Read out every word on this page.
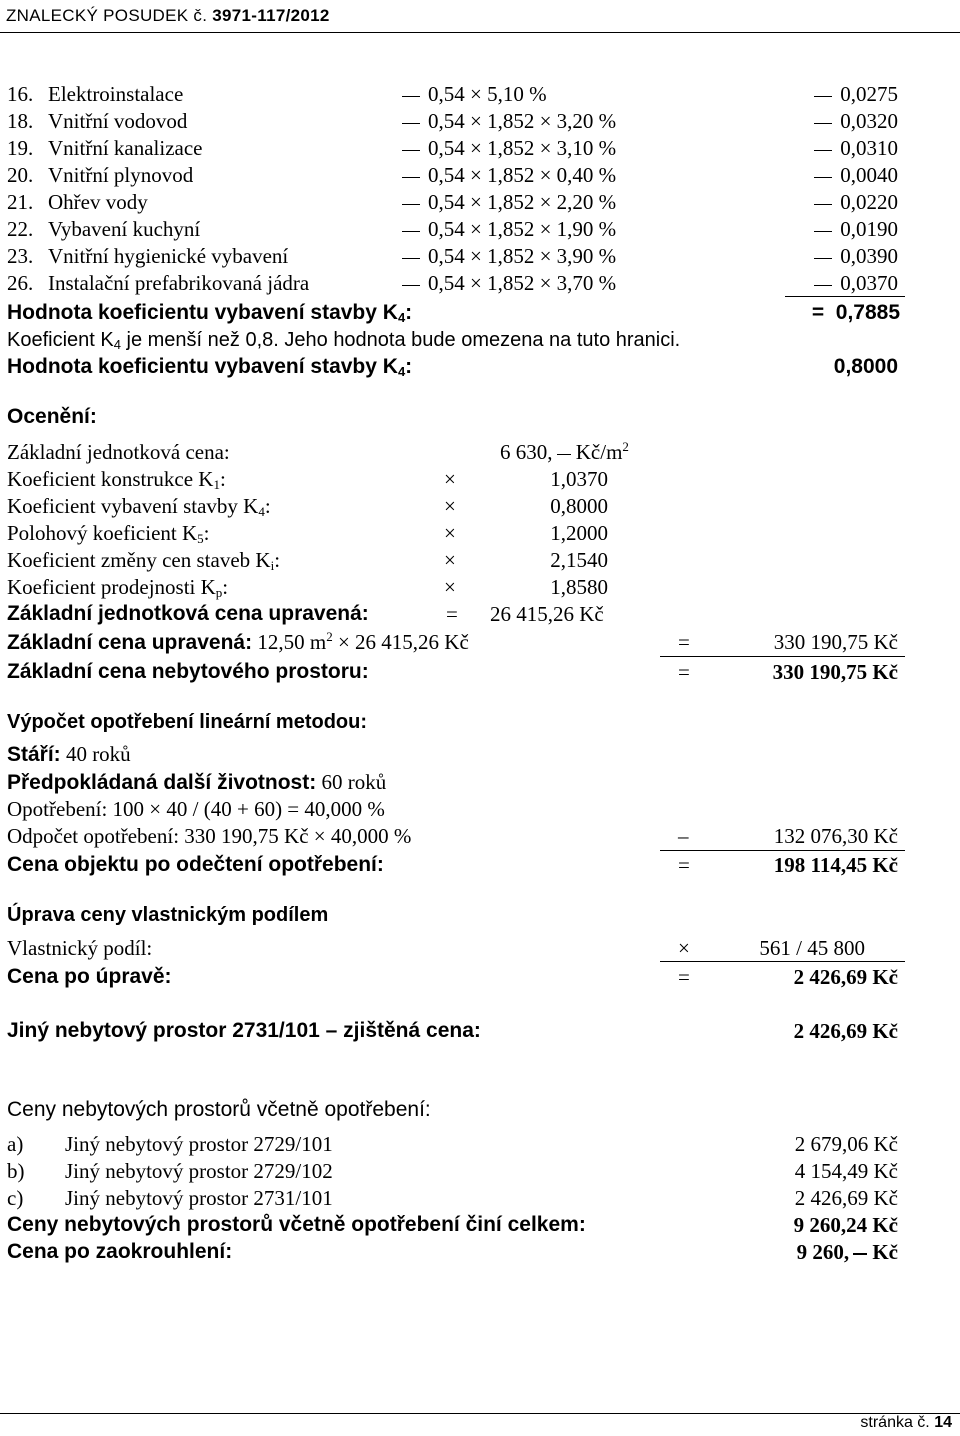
ZNALECKÝ POSUDEK č. 3971-117/2012
16. Elektroinstalace	0,54 × 5,10 %	0,0275
18. Vnitřní vodovod	0,54 × 1,852 × 3,20 %	0,0320
19. Vnitřní kanalizace	0,54 × 1,852 × 3,10 %	0,0310
20. Vnitřní plynovod	0,54 × 1,852 × 0,40 %	0,0040
21. Ohřev vody	0,54 × 1,852 × 2,20 %	0,0220
22. Vybavení kuchyní	0,54 × 1,852 × 1,90 %	0,0190
23. Vnitřní hygienické vybavení	0,54 × 1,852 × 3,90 %	0,0390
26. Instalační prefabrikovaná jádra	0,54 × 1,852 × 3,70 %	0,0370
Hodnota koeficientu vybavení stavby $K_4$:	= 0,7885
Koeficient $K_4$ je menší než 0,8. Jeho hodnota bude omezena na tuto hranici.
Hodnota koeficientu vybavení stavby $K_4$:	0,8000
Ocenění:
Základní jednotková cena:	6 630, $Kč/m^2$
Koeficient konstrukce $K_1$:	×	1,0370
Koeficient vybavení stavby $K_4$:	×	0,8000
Polohový koeficient $K_5$:	×	1,2000
Koeficient změny cen staveb $K_i$:	×	2,1540
Koeficient prodejnosti $K_p$:	×	1,8580
Základní jednotková cena upravená:	= 26 415,26 Kč
Základní cena upravená: 12,50 $m^2 \times 26$ 415,26 Kč	=	330 190,75 Kč
Základní cena nebytového prostoru:	=	330 190,75 Kč
Výpočet opotřebení lineární metodou:
Stáří: 40 roků
Předpokládaná další životnost: 60 roků
Opotřebení: 100 × 40 / (40 + 60) = 40,000 %
Odpočet opotřebení: 330 190,75 Kč × 40,000 %	–	132 076,30 Kč
Cena objektu po odečtení opotřebení:	=	198 114,45 Kč
Úprava ceny vlastnickým podílem
Vlastnický podíl:	×	561 / 45 800
Cena po úpravě:	=	2 426,69 Kč
Jiný nebytový prostor 2731/101 – zjištěná cena:	2 426,69 Kč
Ceny nebytových prostorů včetně opotřebení:
a) Jiný nebytový prostor 2729/101	2 679,06 Kč
b) Jiný nebytový prostor 2729/102	4 154,49 Kč
c) Jiný nebytový prostor 2731/101	2 426,69 Kč
Ceny nebytových prostorů včetně opotřebení činí celkem:	9 260,24 Kč
Cena po zaokrouhlení:	9 260, Kč
stránka č. 14
